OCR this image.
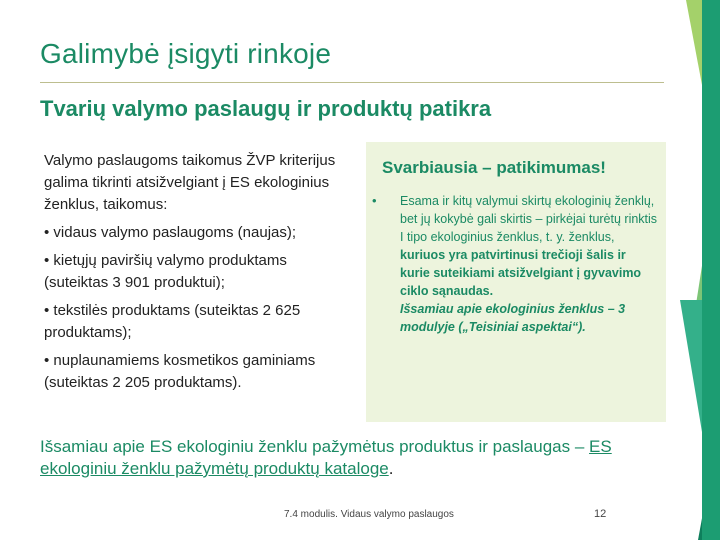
Galimybė įsigyti rinkoje
Tvarių valymo paslaugų ir produktų patikra

Valymo paslaugoms taikomus ŽVP kriterijus galima tikrinti atsižvelgiant į ES ekologinius ženklus, taikomus:

• vidaus valymo paslaugoms (naujas);

• kietųjų paviršių valymo produktams (suteiktas 3 901 produktui);

• tekstilės produktams (suteiktas 2 625 produktams);

• nuplaunamiems kosmetikos gaminiams (suteiktas 2 205 produktams).

Svarbiausia – patikimumas!
• Esama ir kitų valymui skirtų ekologinių ženklų, bet jų kokybė gali skirtis – pirkėjai turėtų rinktis I tipo ekologinius ženklus, t. y. ženklus, kuriuos yra patvirtinusi trečioji šalis ir kurie suteikiami atsižvelgiant į gyvavimo ciklo sąnaudas.
Išsamiau apie ekologinius ženklus – 3 modulyje („Teisiniai aspektai“).
Išsamiau apie ES ekologiniu ženklu pažymėtus produktus ir paslaugas – ES ekologiniu ženklu pažymėtų produktų kataloge.
7.4 modulis. Vidaus valymo paslaugos	12
